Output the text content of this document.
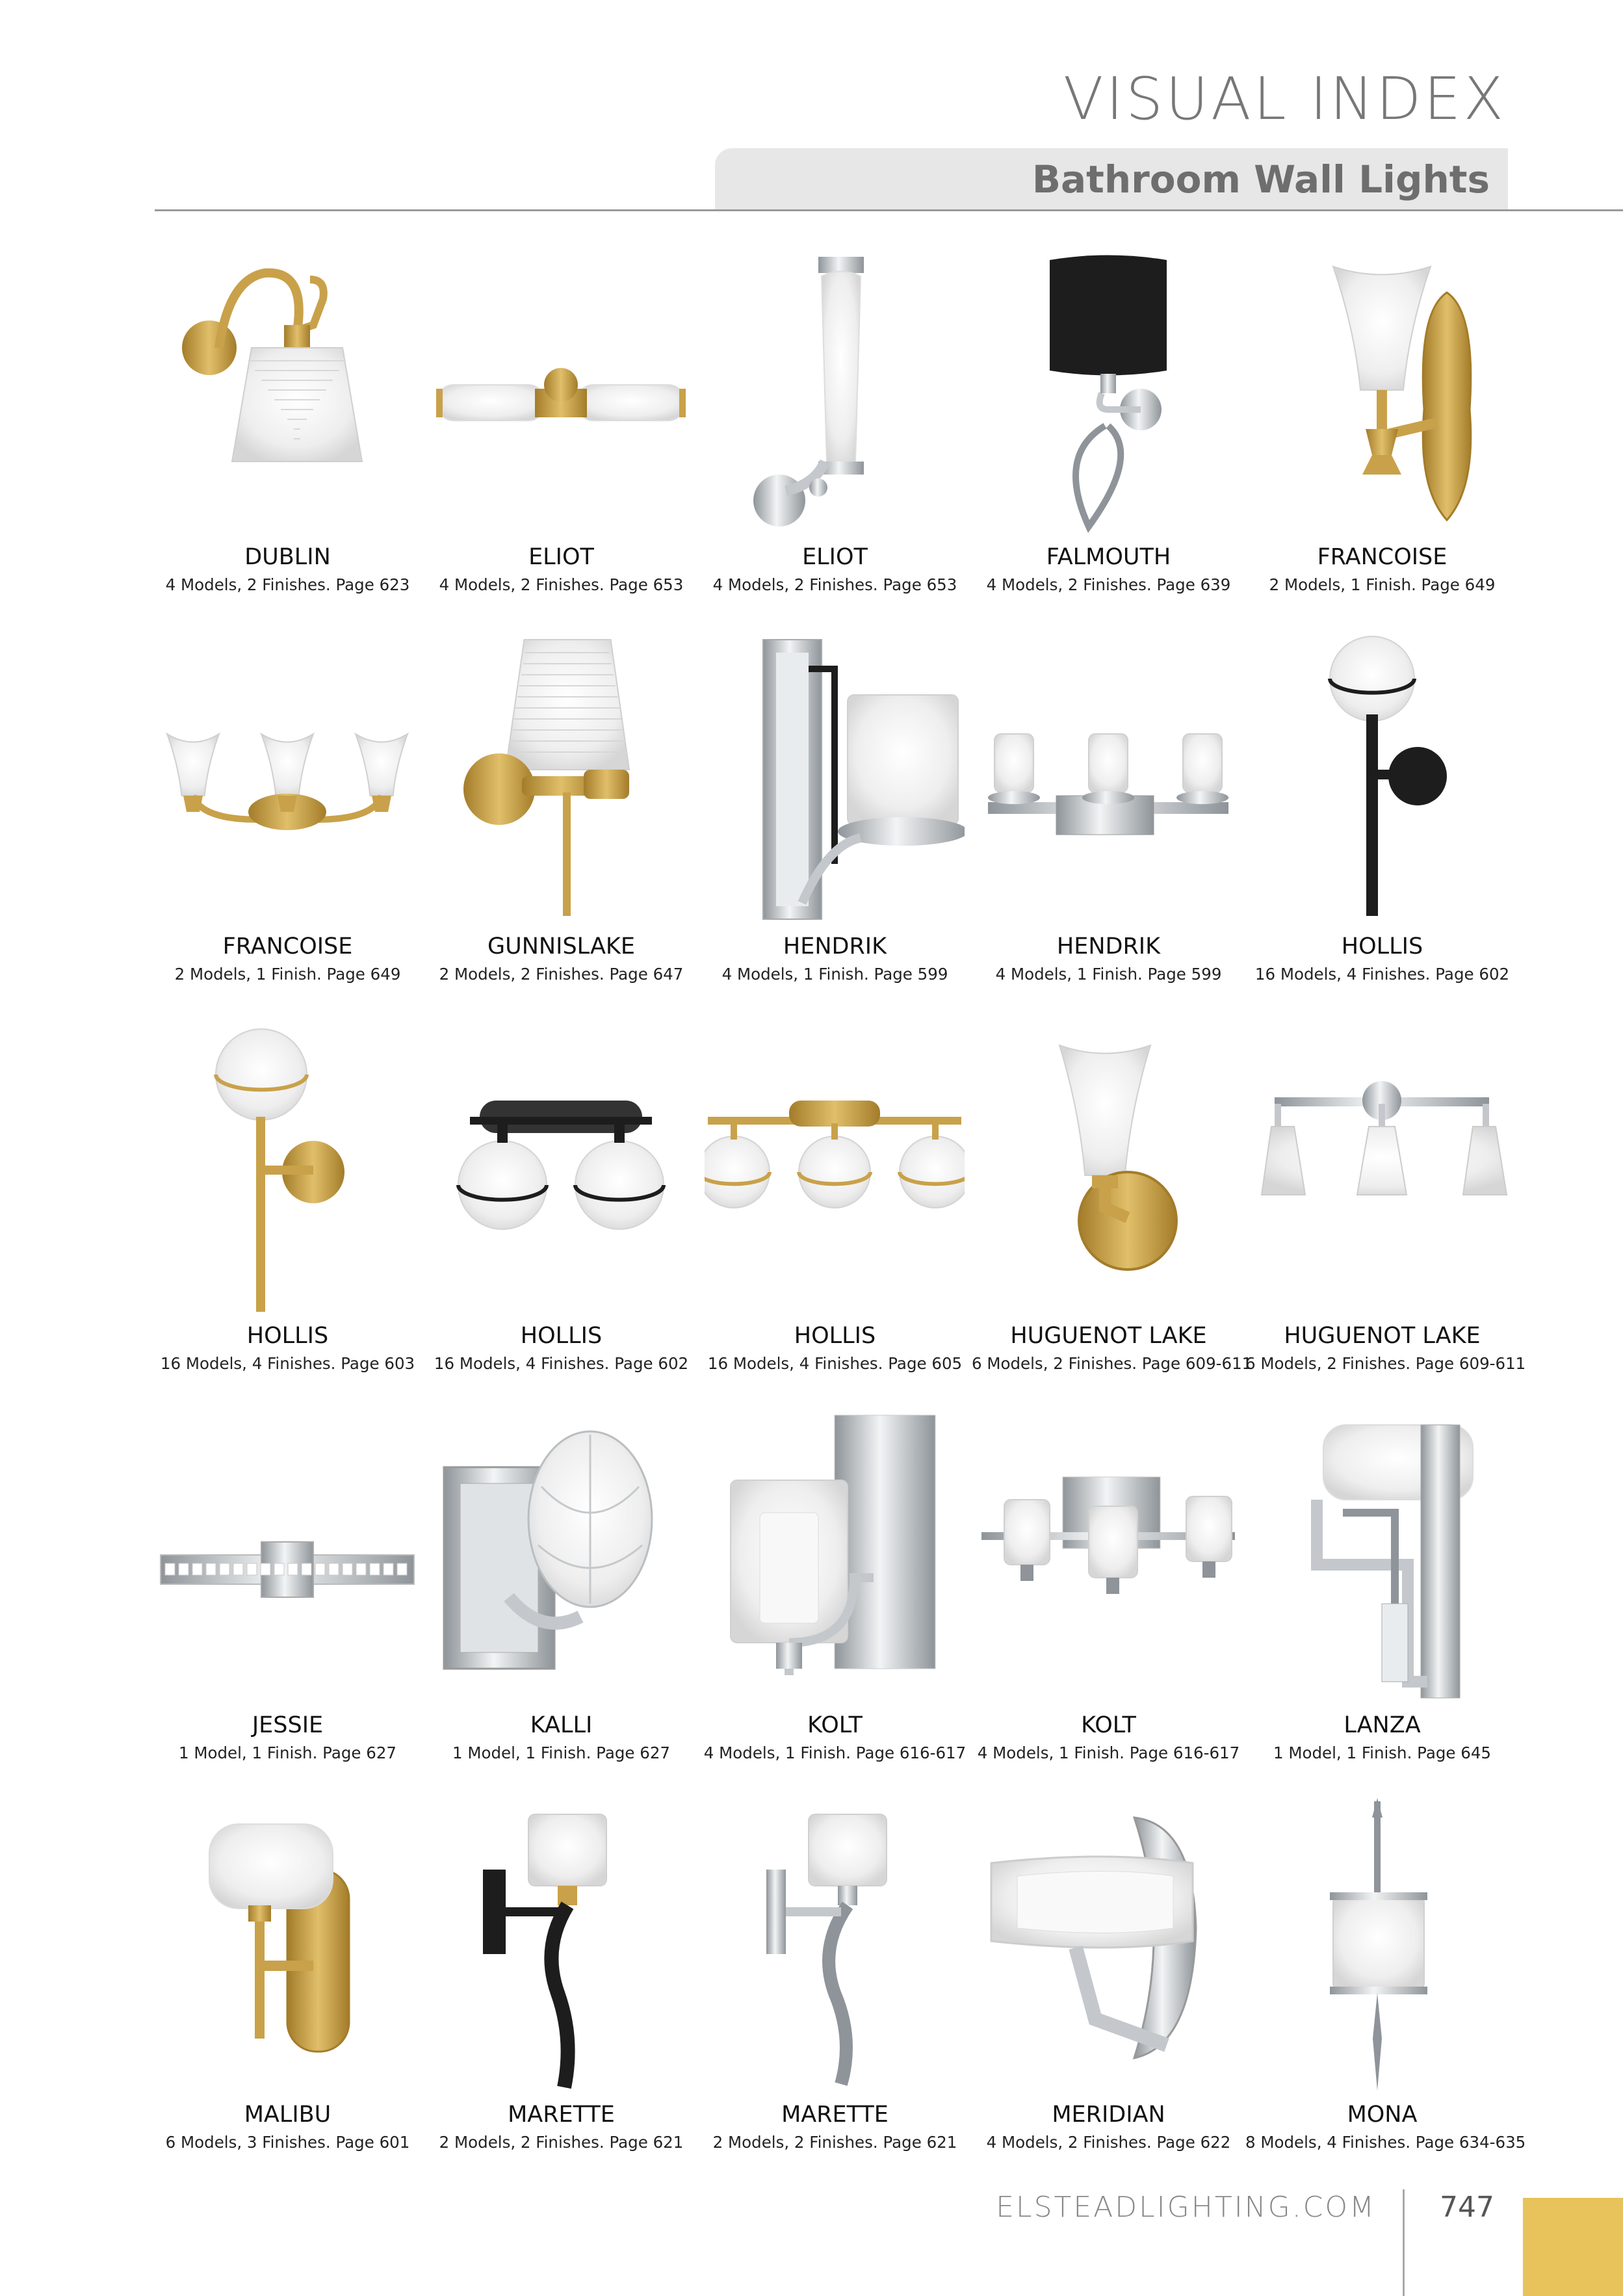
VISUAL INDEX
Bathroom Wall Lights
DUBLIN
4 Models, 2 Finishes. Page 623
ELIOT
4 Models, 2 Finishes. Page 653
ELIOT
4 Models, 2 Finishes. Page 653
FALMOUTH
4 Models, 2 Finishes. Page 639
FRANCOISE
2 Models, 1 Finish. Page 649
FRANCOISE
2 Models, 1 Finish. Page 649
GUNNISLAKE
2 Models, 2 Finishes. Page 647
HENDRIK
4 Models, 1 Finish. Page 599
HENDRIK
4 Models, 1 Finish. Page 599
HOLLIS
16 Models, 4 Finishes. Page 602
HOLLIS
16 Models, 4 Finishes. Page 603
HOLLIS
16 Models, 4 Finishes. Page 602
HOLLIS
16 Models, 4 Finishes. Page 605
HUGUENOT LAKE
6 Models, 2 Finishes. Page 609-611
HUGUENOT LAKE
6 Models, 2 Finishes. Page 609-611
JESSIE
1 Model, 1 Finish. Page 627
KALLI
1 Model, 1 Finish. Page 627
KOLT
4 Models, 1 Finish. Page 616-617
KOLT
4 Models, 1 Finish. Page 616-617
LANZA
1 Model, 1 Finish. Page 645
MALIBU
6 Models, 3 Finishes. Page 601
MARETTE
2 Models, 2 Finishes. Page 621
MARETTE
2 Models, 2 Finishes. Page 621
MERIDIAN
4 Models, 2 Finishes. Page 622
MONA
8 Models, 4 Finishes. Page 634-635
ELSTEADLIGHTING.COM 747
